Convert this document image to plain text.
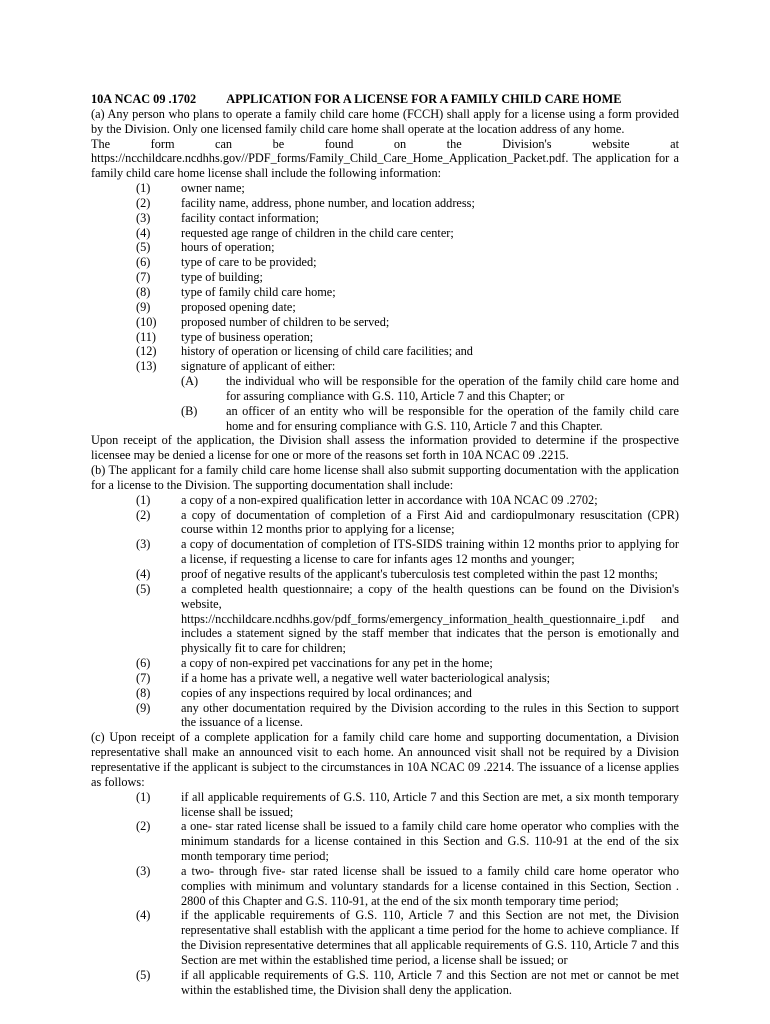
10A NCAC 09 .1702 APPLICATION FOR A LICENSE FOR A FAMILY CHILD CARE HOME

(a) Any person who plans to operate a family child care home (FCCH) shall apply for a license using a form provided by the Division. Only one licensed family child care home shall operate at the location address of any home.

The form can be found on the Division's website at

https://ncchildcare.ncdhhs.gov//PDF_forms/Family_Child_Care_Home_Application_Packet.pdf. The application for a family child care home license shall include the following information:

(1)	owner name;
(2)	facility name, address, phone number, and location address;
(3)	facility contact information;
(4)	requested age range of children in the child care center;
(5)	hours of operation;
(6)	type of care to be provided;
(7)	type of building;
(8)	type of family child care home;
(9)	proposed opening date;
(10)	proposed number of children to be served;
(11)	type of business operation;
(12)	history of operation or licensing of child care facilities; and
(13)	signature of applicant of either:
(A)	the individual who will be responsible for the operation of the family child care home and for assuring compliance with G.S. 110, Article 7 and this Chapter; or
(B)	an officer of an entity who will be responsible for the operation of the family child care home and for ensuring compliance with G.S. 110, Article 7 and this Chapter.

Upon receipt of the application, the Division shall assess the information provided to determine if the prospective licensee may be denied a license for one or more of the reasons set forth in 10A NCAC 09 .2215.

(b) The applicant for a family child care home license shall also submit supporting documentation with the application for a license to the Division. The supporting documentation shall include:

(1)	a copy of a non-expired qualification letter in accordance with 10A NCAC 09 .2702;
(2)	a copy of documentation of completion of a First Aid and cardiopulmonary resuscitation (CPR) course within 12 months prior to applying for a license;
(3)	a copy of documentation of completion of ITS-SIDS training within 12 months prior to applying for a license, if requesting a license to care for infants ages 12 months and younger;
(4)	proof of negative results of the applicant's tuberculosis test completed within the past 12 months;
(5)	a completed health questionnaire; a copy of the health questions can be found on the Division's website,
https://ncchildcare.ncdhhs.gov/pdf_forms/emergency_information_health_questionnaire_i.pdf and includes a statement signed by the staff member that indicates that the person is emotionally and physically fit to care for children;
(6)	a copy of non-expired pet vaccinations for any pet in the home;
(7)	if a home has a private well, a negative well water bacteriological analysis;
(8)	copies of any inspections required by local ordinances; and
(9)	any other documentation required by the Division according to the rules in this Section to support the issuance of a license.

(c) Upon receipt of a complete application for a family child care home and supporting documentation, a Division representative shall make an announced visit to each home. An announced visit shall not be required by a Division representative if the applicant is subject to the circumstances in 10A NCAC 09 .2214. The issuance of a license applies as follows:

(1)	if all applicable requirements of G.S. 110, Article 7 and this Section are met, a six month temporary license shall be issued;
(2)	a one- star rated license shall be issued to a family child care home operator who complies with the minimum standards for a license contained in this Section and G.S. 110-91 at the end of the six month temporary time period;
(3)	a two- through five- star rated license shall be issued to a family child care home operator who complies with minimum and voluntary standards for a license contained in this Section, Section . 2800 of this Chapter and G.S. 110-91, at the end of the six month temporary time period;
(4)	if the applicable requirements of G.S. 110, Article 7 and this Section are not met, the Division representative shall establish with the applicant a time period for the home to achieve compliance. If the Division representative determines that all applicable requirements of G.S. 110, Article 7 and this Section are met within the established time period, a license shall be issued; or
(5)	if all applicable requirements of G.S. 110, Article 7 and this Section are not met or cannot be met within the established time, the Division shall deny the application.
